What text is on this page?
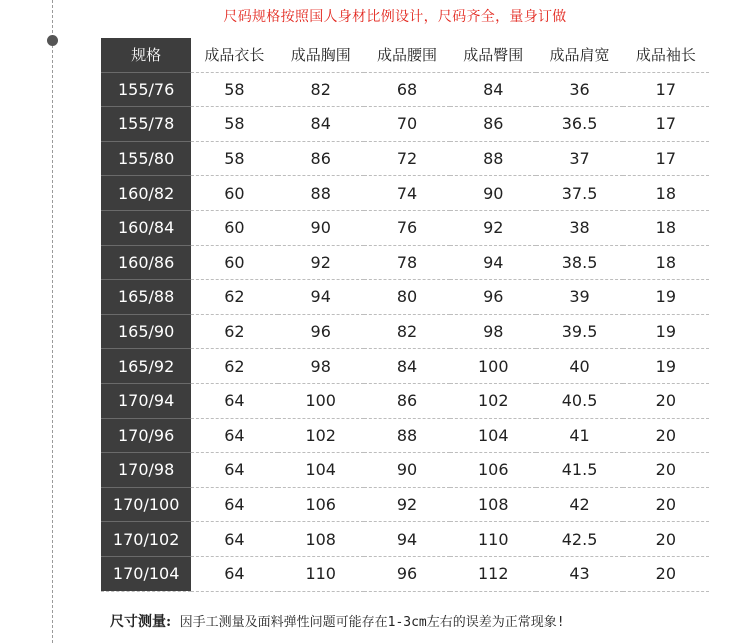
尺码规格按照国人身材比例设计，尺码齐全，量身订做
规格	成品衣长	成品胸围	成品腰围	成品臀围	成品肩宽	成品袖长
155/76	58	82	68	84	36	17
155/78	58	84	70	86	36.5	17
155/80	58	86	72	88	37	17
160/82	60	88	74	90	37.5	18
160/84	60	90	76	92	38	18
160/86	60	92	78	94	38.5	18
165/88	62	94	80	96	39	19
165/90	62	96	82	98	39.5	19
165/92	62	98	84	100	40	19
170/94	64	100	86	102	40.5	20
170/96	64	102	88	104	41	20
170/98	64	104	90	106	41.5	20
170/100	64	106	92	108	42	20
170/102	64	108	94	110	42.5	20
170/104	64	110	96	112	43	20
尺寸测量: 因手工测量及面料弹性问题可能存在1-3cm左右的误差为正常现象!
